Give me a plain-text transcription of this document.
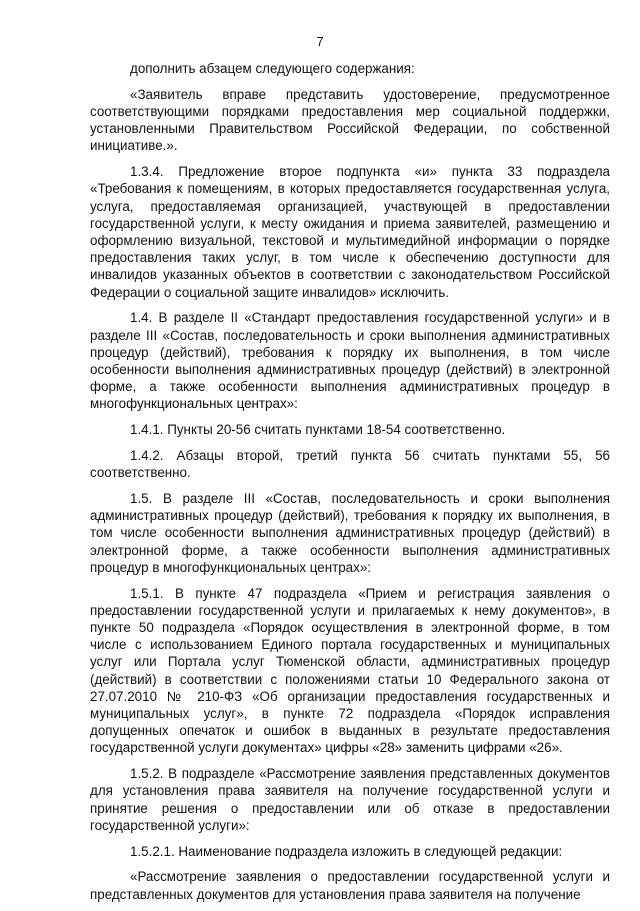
7

дополнить абзацем следующего содержания:

«Заявитель вправе представить удостоверение, предусмотренное соответствующими порядками предоставления мер социальной поддержки, установленными Правительством Российской Федерации, по собственной инициативе.».

1.3.4. Предложение второе подпункта «и» пункта 33 подраздела «Требования к помещениям, в которых предоставляется государственная услуга, услуга, предоставляемая организацией, участвующей в предоставлении государственной услуги, к месту ожидания и приема заявителей, размещению и оформлению визуальной, текстовой и мультимедийной информации о порядке предоставления таких услуг, в том числе к обеспечению доступности для инвалидов указанных объектов в соответствии с законодательством Российской Федерации о социальной защите инвалидов» исключить.

1.4. В разделе II «Стандарт предоставления государственной услуги» и в разделе III «Состав, последовательность и сроки выполнения административных процедур (действий), требования к порядку их выполнения, в том числе особенности выполнения административных процедур (действий) в электронной форме, а также особенности выполнения административных процедур в многофункциональных центрах»:

1.4.1. Пункты 20-56 считать пунктами 18-54 соответственно.

1.4.2. Абзацы второй, третий пункта 56 считать пунктами 55, 56 соответственно.

1.5. В разделе III «Состав, последовательность и сроки выполнения административных процедур (действий), требования к порядку их выполнения, в том числе особенности выполнения административных процедур (действий) в электронной форме, а также особенности выполнения административных процедур в многофункциональных центрах»:

1.5.1. В пункте 47 подраздела «Прием и регистрация заявления о предоставлении государственной услуги и прилагаемых к нему документов», в пункте 50 подраздела «Порядок осуществления в электронной форме, в том числе с использованием Единого портала государственных и муниципальных услуг или Портала услуг Тюменской области, административных процедур (действий) в соответствии с положениями статьи 10 Федерального закона от 27.07.2010 № 210-ФЗ «Об организации предоставления государственных и муниципальных услуг», в пункте 72 подраздела «Порядок исправления допущенных опечаток и ошибок в выданных в результате предоставления государственной услуги документах» цифры «28» заменить цифрами «26».

1.5.2. В подразделе «Рассмотрение заявления представленных документов для установления права заявителя на получение государственной услуги и принятие решения о предоставлении или об отказе в предоставлении государственной услуги»:

1.5.2.1. Наименование подраздела изложить в следующей редакции:

«Рассмотрение заявления о предоставлении государственной услуги и представленных документов для установления права заявителя на получение
